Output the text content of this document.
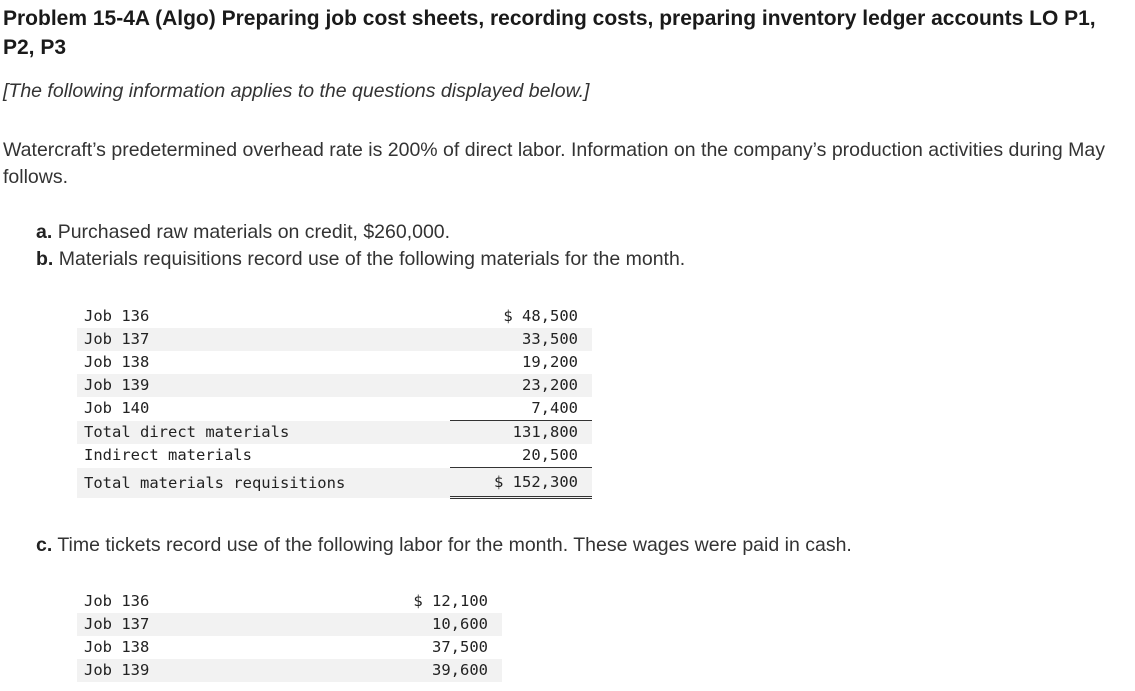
Problem 15-4A (Algo) Preparing job cost sheets, recording costs, preparing inventory ledger accounts LO P1, P2, P3
[The following information applies to the questions displayed below.]
Watercraft’s predetermined overhead rate is 200% of direct labor. Information on the company’s production activities during May follows.
a. Purchased raw materials on credit, $260,000.
b. Materials requisitions record use of the following materials for the month.
Job 136		$ 48,500
Job 137		33,500
Job 138		19,200
Job 139		23,200
Job 140		7,400
Total direct materials		131,800
Indirect materials		20,500
Total materials requisitions		$ 152,300
c. Time tickets record use of the following labor for the month. These wages were paid in cash.
Job 136		$ 12,100
Job 137		10,600
Job 138		37,500
Job 139		39,600
